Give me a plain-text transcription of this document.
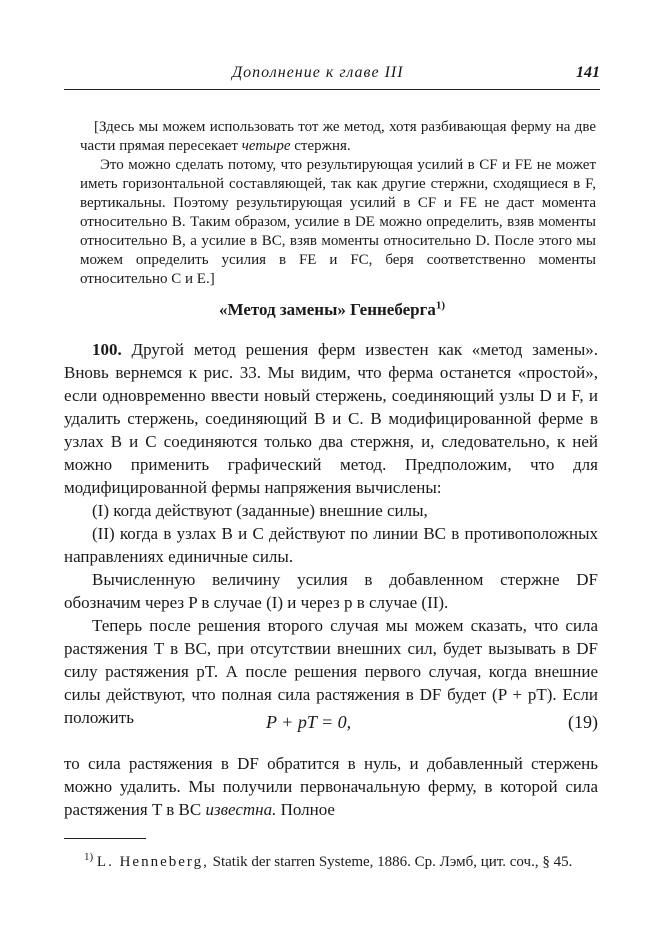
Дополнение к главе III	141

[Здесь мы можем использовать тот же метод, хотя разбивающая ферму на две части прямая пересекает четыре стержня.

Это можно сделать потому, что результирующая усилий в CF и FE не может иметь горизонтальной составляющей, так как другие стержни, сходящиеся в F, вертикальны. Поэтому результирующая усилий в CF и FE не даст момента относительно B. Таким образом, усилие в DE можно определить, взяв моменты относительно B, а усилие в BC, взяв моменты относительно D. После этого мы можем определить усилия в FE и FC, беря соответственно моменты относительно C и E.]

«Метод замены» Геннеберга$^{1)}$

100. Другой метод решения ферм известен как «метод замены». Вновь вернемся к рис. 33. Мы видим, что ферма останется «простой», если одновременно ввести новый стержень, соединяющий узлы D и F, и удалить стержень, соединяющий B и C. В модифицированной ферме в узлах B и C соединяются только два стержня, и, следовательно, к ней можно применить графический метод. Предположим, что для модифицированной фермы напряжения вычислены:

(I) когда действуют (заданные) внешние силы,

(II) когда в узлах B и C действуют по линии BC в противоположных направлениях единичные силы.

Вычисленную величину усилия в добавленном стержне DF обозначим через P в случае (I) и через p в случае (II).

Теперь после решения второго случая мы можем сказать, что сила растяжения T в BC, при отсутствии внешних сил, будет вызывать в DF силу растяжения pT. А после решения первого случая, когда внешние силы действуют, что полная сила растяжения в DF будет (P + pT). Если положить	P + pT = 0,	(19)

то сила растяжения в DF обратится в нуль, и добавленный стержень можно удалить. Мы получили первоначальную ферму, в которой сила растяжения T в BC известна. Полное

$^{1)}$ L. Henneberg, Statik der starren Systeme, 1886. Ср. Лэмб, цит. соч., § 45.
